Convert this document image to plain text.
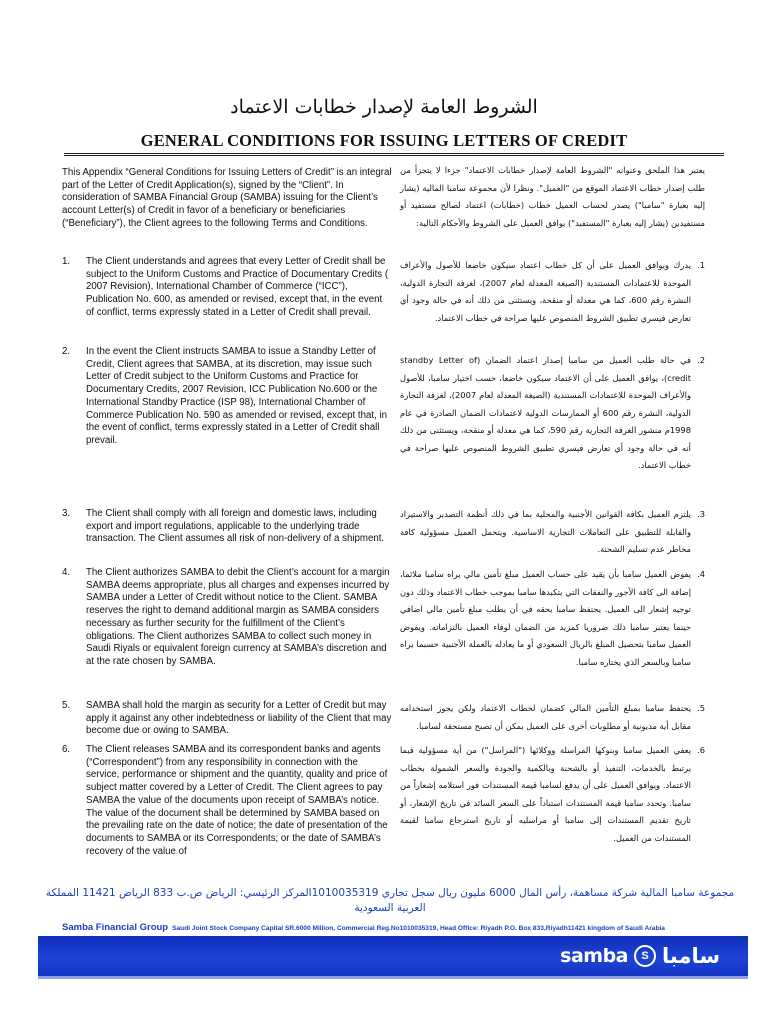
الشروط العامة لإصدار خطابات الاعتماد
GENERAL CONDITIONS FOR ISSUING LETTERS OF CREDIT

This Appendix “General Conditions for Issuing Letters of Credit” is an integral part of the Letter of Credit Application(s), signed by the “Client”. In consideration of SAMBA Financial Group (SAMBA) issuing for the Client’s account Letter(s) of Credit in favor of a beneficiary or beneficiaries (“Beneficiary”), the Client agrees to the following Terms and Conditions.

1.	The Client understands and agrees that every Letter of Credit shall be subject to the Uniform Customs and Practice of Documentary Credits ( 2007 Revision), International Chamber of Commerce (“ICC”), Publication No. 600, as amended or revised, except that, in the event of conflict, terms expressly stated in a Letter of Credit shall prevail.
2.	In the event the Client instructs SAMBA to issue a Standby Letter of Credit, Client agrees that SAMBA, at its discretion, may issue such Letter of Credit subject to the Uniform Customs and Practice for Documentary Credits, 2007 Revision, ICC Publication No.600 or the International Standby Practice (ISP 98), International Chamber of Commerce Publication No. 590 as amended or revised, except that, in the event of conflict, terms expressly stated in a Letter of Credit shall prevail.
3.	The Client shall comply with all foreign and domestic laws, including export and import regulations, applicable to the underlying trade transaction. The Client assumes all risk of non-delivery of a shipment.
4.	The Client authorizes SAMBA to debit the Client’s account for a margin SAMBA deems appropriate, plus all charges and expenses incurred by SAMBA under a Letter of Credit without notice to the Client. SAMBA reserves the right to demand additional margin as SAMBA considers necessary as further security for the fulfillment of the Client’s obligations. The Client authorizes SAMBA to collect such money in Saudi Riyals or equivalent foreign currency at SAMBA’s discretion and at the rate chosen by SAMBA.
5.	SAMBA shall hold the margin as security for a Letter of Credit but may apply it against any other indebtedness or liability of the Client that may become due or owing to SAMBA.
6.	The Client releases SAMBA and its correspondent banks and agents (“Correspondent”) from any responsibility in connection with the service, performance or shipment and the quantity, quality and price of subject matter covered by a Letter of Credit. The Client agrees to pay SAMBA the value of the documents upon receipt of SAMBA’s notice. The value of the document shall be determined by SAMBA based on the prevailing rate on the date of notice; the date of presentation of the documents to SAMBA or its Correspondents; or the date of SAMBA’s recovery of the value of

يعتبر هذا الملحق وعنوانه "الشروط العامة لإصدار خطابات الاعتماد" جزءا لا يتجزأ من طلب إصدار خطاب الاعتماد الموقع من "العميل". ونظرا لأن مجموعة سامبا المالية (يشار إليه بعبارة "سامبا") يصدر لحساب العميل خطاب (خطابات) اعتماد لصالح مستفيد أو مستفيدين (يشار إليه بعبارة "المستفيد") يوافق العميل على الشروط والأحكام التالية:

1.
يدرك ويوافق العميل على أن كل خطاب اعتماد سيكون خاضعا للأصول والأعراف الموحدة للاعتمادات المستندية (الصيغة المعدلة لعام 2007)، لغرفة التجارة الدولية، النشرة رقم 600، كما هي معدلة أو منقحة، ويستثنى من ذلك أنه في حالة وجود أي تعارض فيسري تطبيق الشروط المنصوص عليها صراحة في خطاب الاعتماد.
2.
في حالة طلب العميل من سامبا إصدار اعتماد الضمان (standby Letter of credit)، يوافق العميل على أن الاعتماد سيكون خاضعا، حسب اختيار سامبا، للأصول والأعراف الموحدة للاعتمادات المستندية (الصيغة المعدلة لعام 2007)، لغرفة التجارة الدولية، النشرة رقم 600 أو الممارسات الدولية لاعتمادات الضمان الصادرة في عام 1998م منشور الغرفة التجارية رقم 590، كما هي معدلة أو منقحة، ويستثنى من ذلك أنه في حالة وجود أي تعارض فيسري تطبيق الشروط المنصوص عليها صراحة في خطاب الاعتماد.
3.
يلتزم العميل بكافة القوانين الأجنبية والمحلية بما في ذلك أنظمة التصدير والاستيراد والقابلة للتطبيق على التعاملات التجارية الاساسية. ويتحمل العميل مسؤولية كافة مخاطر عدم تسليم الشحنة.
4.
يفوض العميل سامبا بأن يقيد على حساب العميل مبلغ تأمين مالي يراه سامبا ملائما، إضافة الى كافة الأجور والنفقات التي يتكبدها سامبا بموجب خطاب الاعتماد وذلك دون توجيه إشعار الى العميل. يحتفظ سامبا بحقه في أن يطلب مبلغ تأمين مالي اضافي حينما يعتبر سامبا ذلك ضروريا كمزيد من الضمان لوفاء العميل بالتزاماته. ويفوض العميل سامبا بتحصيل المبلغ بالريال السعودي أو ما يعادله بالعملة الأجنبية حسبما يراه سامبا وبالسعر الذي يختاره سامبا.
5.
يحتفظ سامبا بمبلغ التأمين المالي كضمان لخطاب الاعتماد ولكن يجوز استخدامه مقابل أية مديونية أو مطلوبات أخرى على العميل يمكن أن تصبح مستحقة لسامبا.
6.
يعفي العميل سامبا وبنوكها المراسلة ووكلائها ("المراسل") من أية مسؤولية فيما يرتبط بالخدمات، التنفيذ أو بالشحنة وبالكمية والجودة والسعر الشمولة بخطاب الاعتماد. ويوافق العميل على أن يدفع لسامبا قيمة المستندات فور استلامه إشعاراً من سامبا. وتحدد سامبا قيمة المستندات استناداً على السعر السائد في تاريخ الإشعار، أو تاريخ تقديم المستندات إلى سامبا أو مراسليه أو تاريخ استرجاع سامبا لقيمة المستندات من العميل.
مجموعة سامبا المالية شركة مساهمة، رأس المال 6000 مليون ريال سجل تجاري 1010035319المركز الرئيسي: الرياض ص.ب 833 الرياض 11421 المملكة العربية السعودية
Samba Financial Group Saudi Joint Stock Company Capital SR.6000 Million, Commercial Reg.No1010035319, Head Office: Riyadh P.O. Box 833,Riyadh11421 kingdom of Saudi Arabia
samba	S سامبا
